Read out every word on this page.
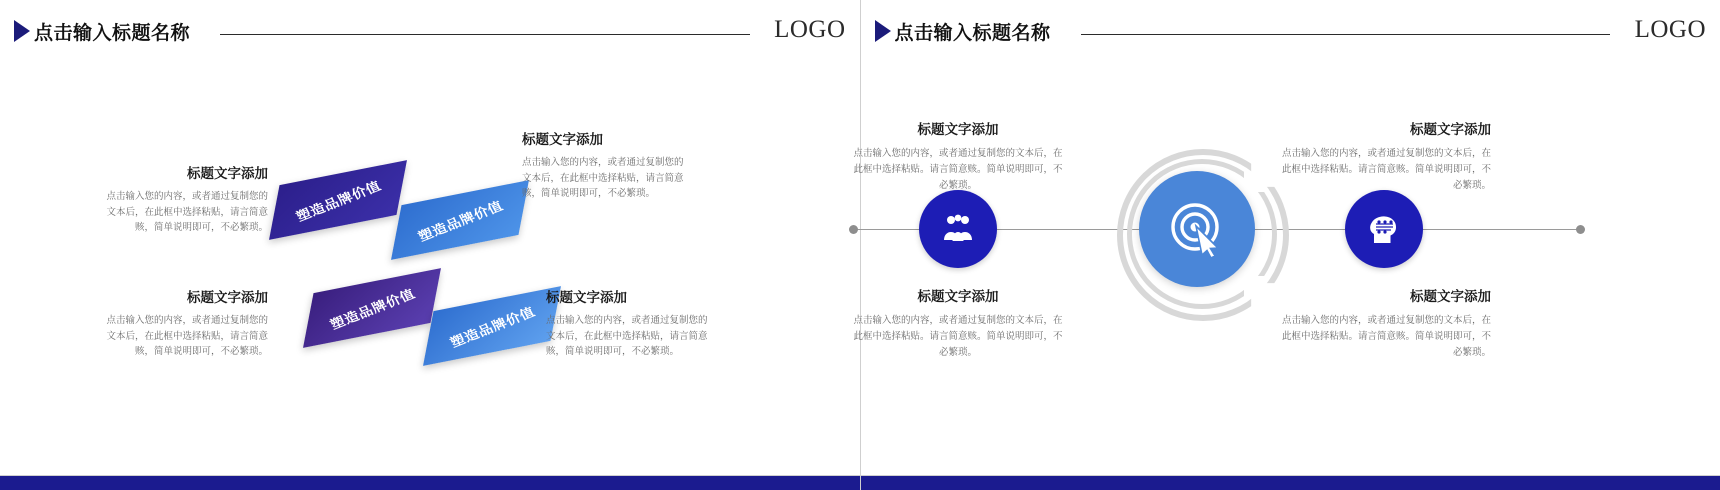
点击输入标题名称	LOGO
塑造品牌价值 塑造品牌价值
塑造品牌价值 塑造品牌价值
标题文字添加
点击输入您的内容，或者通过复制您的文本后，在此框中选择粘贴，请言简意赅，简单说明即可，不必繁琐。
标题文字添加
点击输入您的内容，或者通过复制您的文本后，在此框中选择粘贴，请言简意赅，简单说明即可，不必繁琐。
标题文字添加
点击输入您的内容，或者通过复制您的文本后，在此框中选择粘贴，请言简意赅，简单说明即可，不必繁琐。
标题文字添加
点击输入您的内容，或者通过复制您的文本后，在此框中选择粘贴，请言简意赅，简单说明即可，不必繁琐。
点击输入标题名称	LOGO
标题文字添加
点击输入您的内容，或者通过复制您的文本后，在此框中选择粘贴。请言简意赅。简单说明即可，不必繁琐。
标题文字添加
点击输入您的内容，或者通过复制您的文本后，在此框中选择粘贴。请言简意赅。简单说明即可，不必繁琐。
标题文字添加
点击输入您的内容，或者通过复制您的文本后，在此框中选择粘贴。请言简意赅。简单说明即可，不必繁琐。
标题文字添加
点击输入您的内容，或者通过复制您的文本后，在此框中选择粘贴。请言简意赅。简单说明即可，不必繁琐。
